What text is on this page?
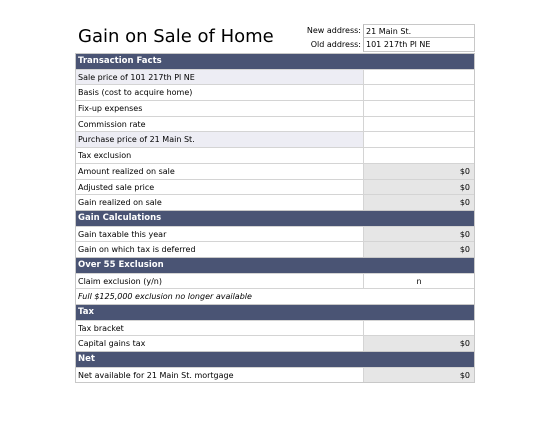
Gain on Sale of Home	New address: 21 Main St.
Old address: 101 217th Pl NE
Transaction Facts
Sale price of 101 217th Pl NE
Basis (cost to acquire home)
Fix-up expenses
Commission rate
Purchase price of 21 Main St.
Tax exclusion
Amount realized on sale	$0
Adjusted sale price	$0
Gain realized on sale	$0
Gain Calculations
Gain taxable this year	$0
Gain on which tax is deferred	$0
Over 55 Exclusion
Claim exclusion (y/n)	n
Full $125,000 exclusion no longer available
Tax
Tax bracket
Capital gains tax	$0
Net
Net available for 21 Main St. mortgage	$0
